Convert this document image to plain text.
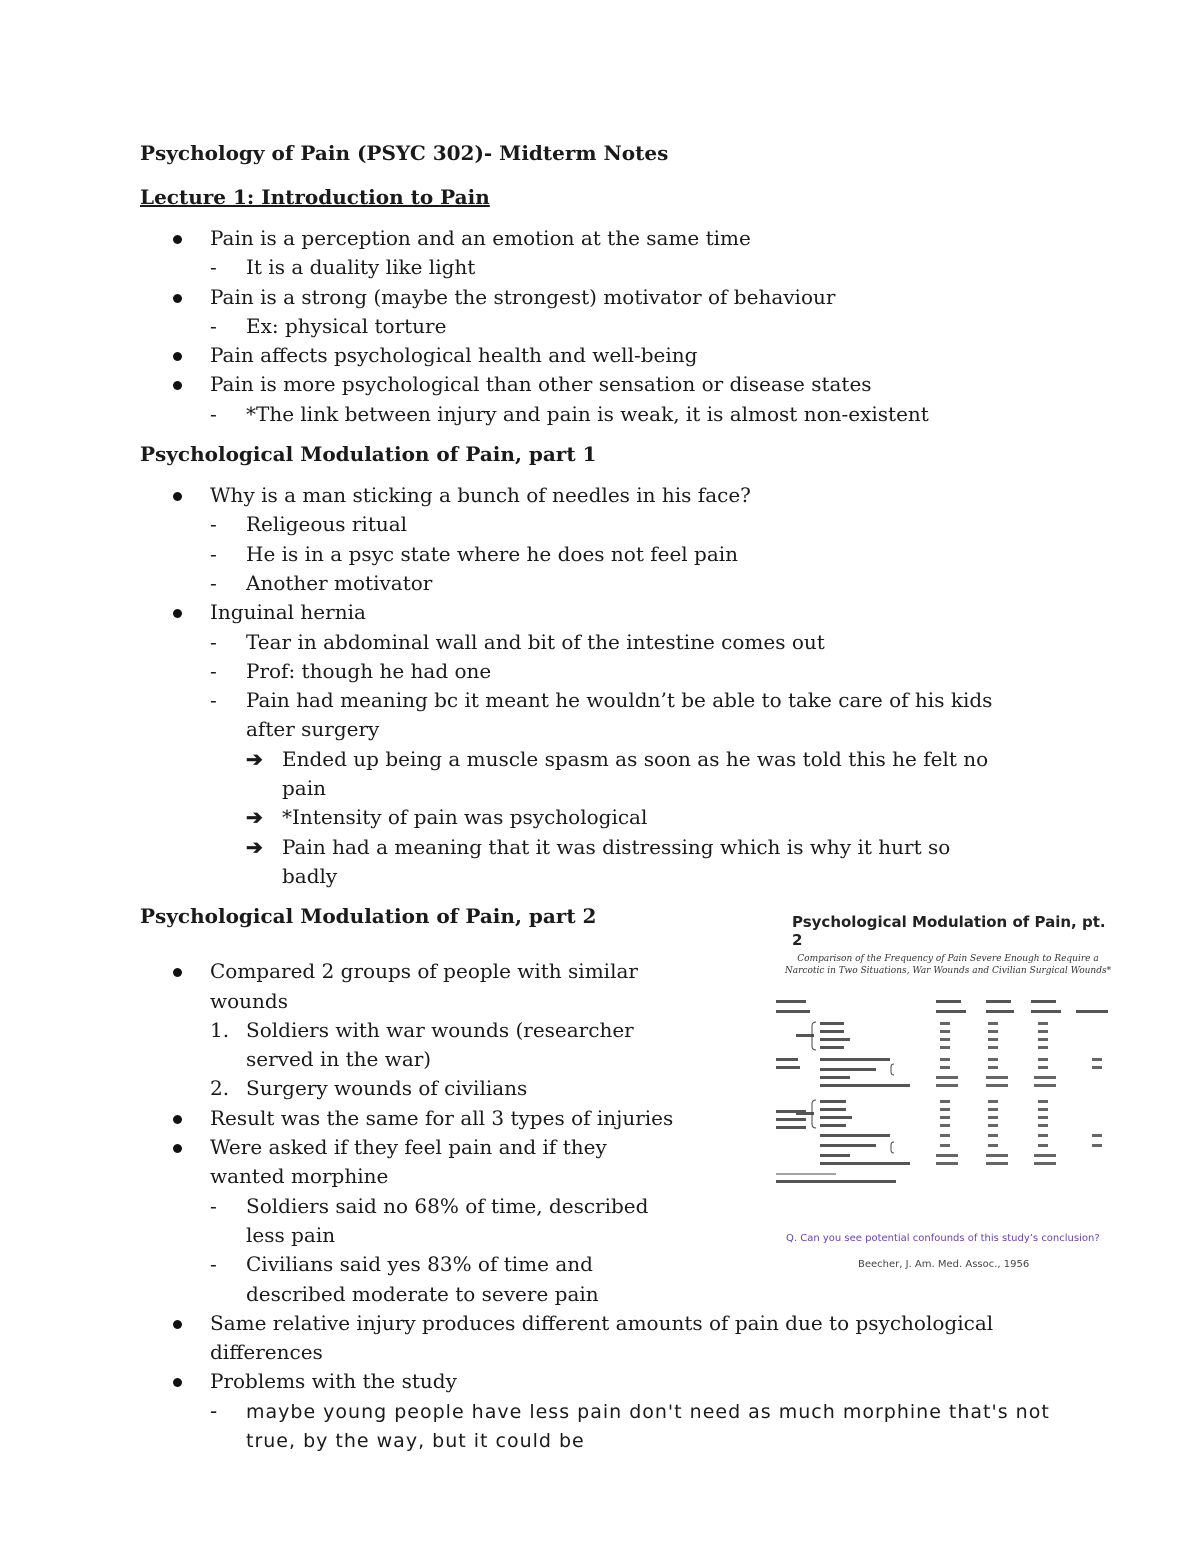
Psychology of Pain (PSYC 302)- Midterm Notes
Lecture 1: Introduction to Pain
Pain is a perception and an emotion at the same time
- It is a duality like light
Pain is a strong (maybe the strongest) motivator of behaviour
- Ex: physical torture
Pain affects psychological health and well-being
Pain is more psychological than other sensation or disease states
- *The link between injury and pain is weak, it is almost non-existent
Psychological Modulation of Pain, part 1
Why is a man sticking a bunch of needles in his face?
- Religeous ritual
- He is in a psyc state where he does not feel pain
- Another motivator
Inguinal hernia
- Tear in abdominal wall and bit of the intestine comes out
- Prof: though he had one
- Pain had meaning bc it meant he wouldn’t be able to take care of his kids after surgery
➔ Ended up being a muscle spasm as soon as he was told this he felt no pain
➔ *Intensity of pain was psychological
➔ Pain had a meaning that it was distressing which is why it hurt so badly
Psychological Modulation of Pain, part 2
Compared 2 groups of people with similar wounds
1. Soldiers with war wounds (researcher served in the war)
2. Surgery wounds of civilians
Result was the same for all 3 types of injuries
Were asked if they feel pain and if they wanted morphine
- Soldiers said no 68% of time, described less pain
- Civilians said yes 83% of time and described moderate to severe pain
Same relative injury produces different amounts of pain due to psychological differences
Problems with the study
- maybe young people have less pain don't need as much morphine that's not true, by the way, but it could be
Psychological Modulation of Pain, pt. 2
Comparison of the Frequency of Pain Severe Enough to Require a Narcotic in Two Situations, War Wounds and Civilian Surgical Wounds*
Q. Can you see potential confounds of this study’s conclusion?
Beecher, J. Am. Med. Assoc., 1956
